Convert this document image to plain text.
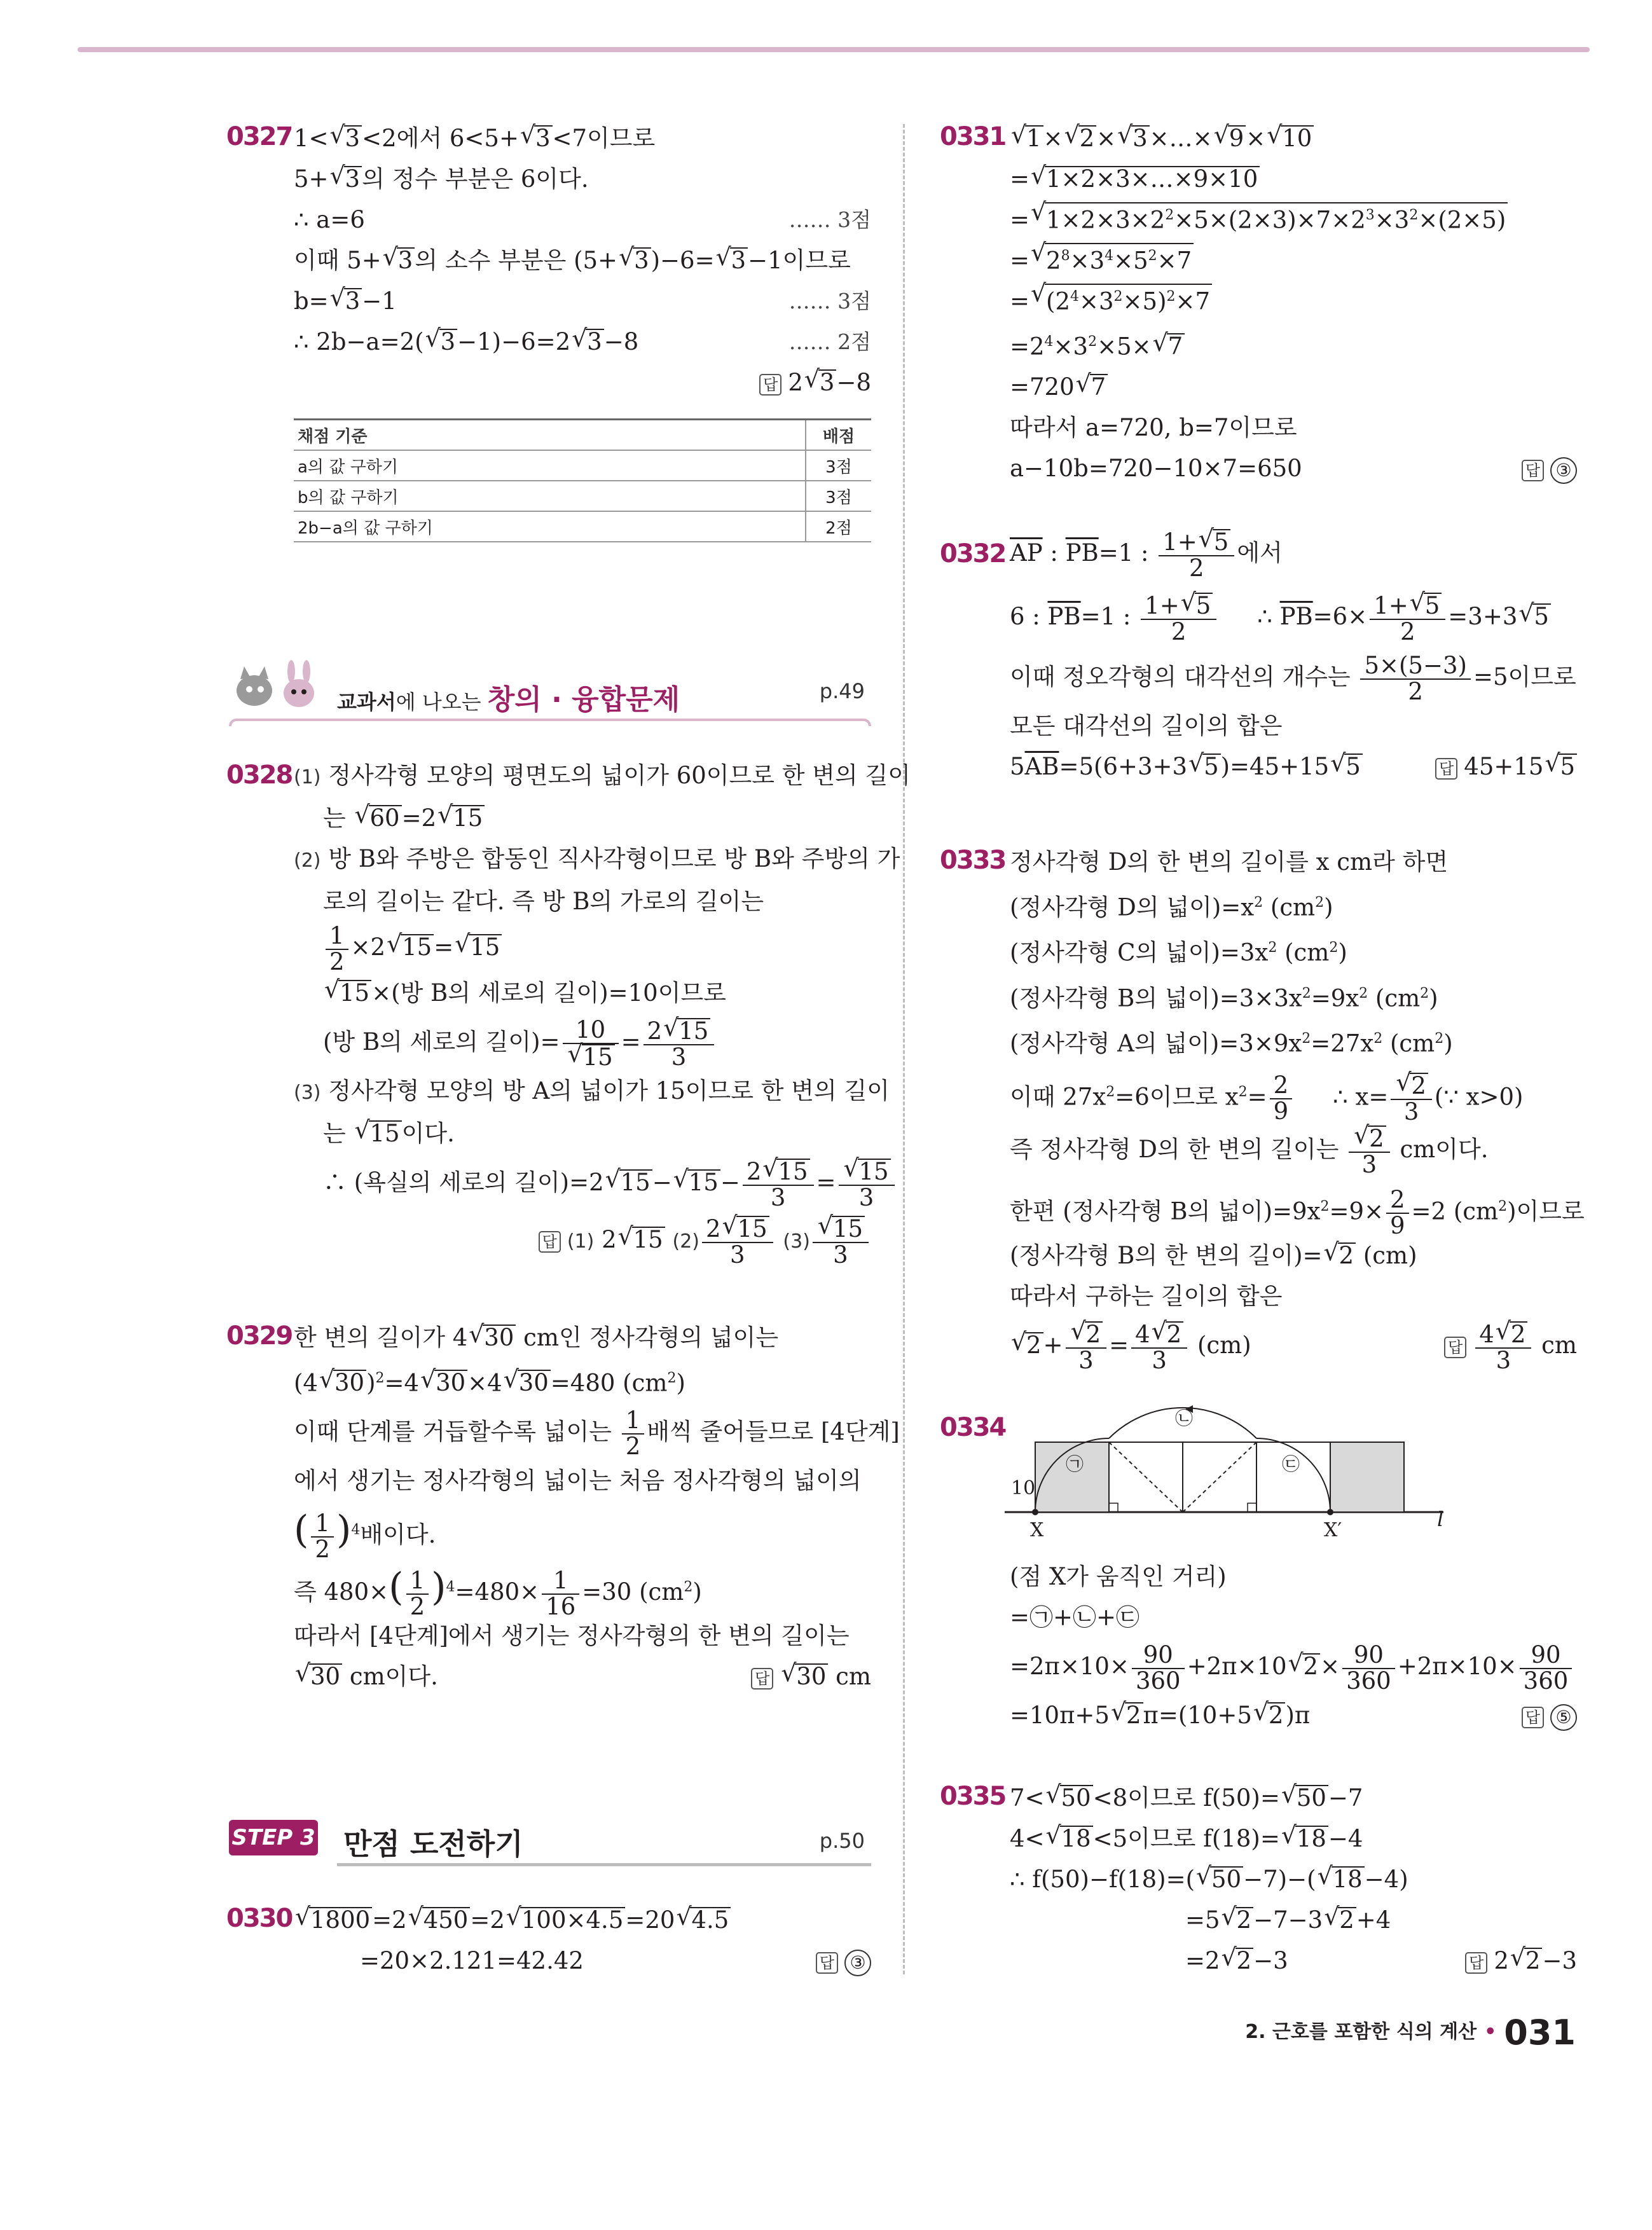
0327 1< √ 3<2에서 6<5+ √ 3<7이므로
5+ √ 3의 정수 부분은 6이다.
∴ a=6	…… 3점
이때 5+ √ 3의 소수 부분은 (5+ √ 3)−6= √ 3−1이므로
b= √ 3−1	…… 3점
∴ 2b−a=2( √ 3−1)−6=2 √ 3−8	…… 2점
답 2 √ 3−8
채점 기준	배점
a의 값 구하기	3점
b의 값 구하기	3점
2b−a의 값 구하기	2점
교과서에 나오는 창의 · 융합문제	p.49
0328 (1) 정사각형 모양의 평면도의 넓이가 60이므로 한 변의 길이
는 √ 60=2 √ 15
(2) 방 B와 주방은 합동인 직사각형이므로 방 B와 주방의 가
로의 길이는 같다. 즉 방 B의 가로의 길이는
$\frac{1}{2} \times 2$ √ 15= √ 15
√ 15×(방 B의 세로의 길이)=10이므로
(방 B의 세로의 길이)= 10
√ $15 = \frac{2 √ 15}{3}$
(3) 정사각형 모양의 방 A의 넓이가 15이므로 한 변의 길이
는 √ 15이다.
∴ (욕실의 세로의 길이)=2 √ 15− √ $15- \frac{2 √ 15}{3}$ = √ $\frac{15}{3}$
답 (1) 2 √ 15 $(2) \frac{2 √ 15}{3} (3)$ √ $\frac{15}{3}$
0329 한 변의 길이가 4 √ 30 cm인 정사각형의 넓이는
(4 √ 30)$^2$=4 √ 30×4 √ 30=480 $(cm^2)$
이때 단계를 거듭할수록 넓이는 $\frac{1}{2}$ 배씩 줄어들므로 [4단계]
에서 생기는 정사각형의 넓이는 처음 정사각형의 넓이의
( $\frac{1}{2} )^4$배이다.
즉 $480\times( \frac{1}{2} )^4=480\times \frac{1}{16} =30$ $(cm^2)$
따라서 [4단계]에서 생기는 정사각형의 한 변의 길이는
√ 30 cm이다.	답 √ 30 cm
STEP 3 만점 도전하기	p.50
0330 √ 1800=2 √ 450=2 √ 100×4.5=20 √ 4.5
=20×2.121=42.42	답 ③
0331 √ 1× √ 2× √ 3×…× √ 9× √ 10
= √ 1×2×3×…×9×10
= √ $1\times 2\times 3\times 2^2\times 5\times(2\times 3)\times 7\times 2^3\times 3^2\times(2\times 5)$
= √ $2^8\times 3^4\times 5^2\times 7$
= √ $(2^4\times 3^2\times 5)^2\times 7$
$=2^4\times 3^2\times 5\times$ √ 7
=720 √ 7
따라서 a=720, b=7이므로
a−10b=720−10×7=650	답 ③
0332 $\overline{AP}$ : $\overline{PB}=1$ : $\frac{1+ √ 5}{2}$ 에서
6 : $\overline{PB}=1$ : $\frac{1+ √ 5}{2}$ ∴ $\overline{PB}=6\times \frac{1+ √ 5}{2} =3+3$ √ 5
이때 정오각형의 대각선의 개수는 $\frac{5\times(5-3)}{2} =5$이므로
모든 대각선의 길이의 합은
$5\overline{AB}=5(6+3+3$ √ 5)=45+15 √ 5	답 45+15 √ 5
0333 정사각형 D의 한 변의 길이를 x cm라 하면
(정사각형 D의 넓이)$=x^2$ $(cm^2)$
(정사각형 C의 넓이)$=3x^2$ $(cm^2)$
(정사각형 B의 넓이)$=3\times 3x^2=9x^2$ $(cm^2)$
(정사각형 A의 넓이)$=3\times 9x^2=27x^2$ $(cm^2)$
이때 $27x^2=6$이므로 $x^2= \frac{2}{9}$ ∴ x= √ $\frac{2}{3}$ (∵ x>0)
즉 정사각형 D의 한 변의 길이는 √ $\frac{2}{3}$ cm이다.
한편 (정사각형 B의 넓이)$=9x^2=9\times \frac{2}{9} =2$ $(cm^2)$이므로
(정사각형 B의 한 변의 길이)= √ 2 (cm)
따라서 구하는 길이의 합은
√ 2+ √ $\frac{2}{3} = \frac{4 √ 2}{3} (cm)$	답 $\frac{4 √ 2}{3}$ cm
0334
10
X	X′	l
㉠
㉡
㉢
(점 X가 움직인 거리)
=㉠+㉡+㉢
$=2\pi\times 10\times \frac{90}{360} +2\pi\times 10$ √ $2\times \frac{90}{360} +2\pi\times 10\times \frac{90}{360}$
=10π+5 √ 2π=(10+5 √ 2)π	답 ⑤
0335 7< √ 50<8이므로 f(50)= √ 50−7
4< √ 18<5이므로 f(18)= √ 18−4
∴ f(50)−f(18)=( √ 50−7)−( √ 18−4)
=5 √ 2−7−3 √ 2+4
=2 √ 2−3	답 2 √ 2−3
2. 근호를 포함한 식의 계산 • 031
